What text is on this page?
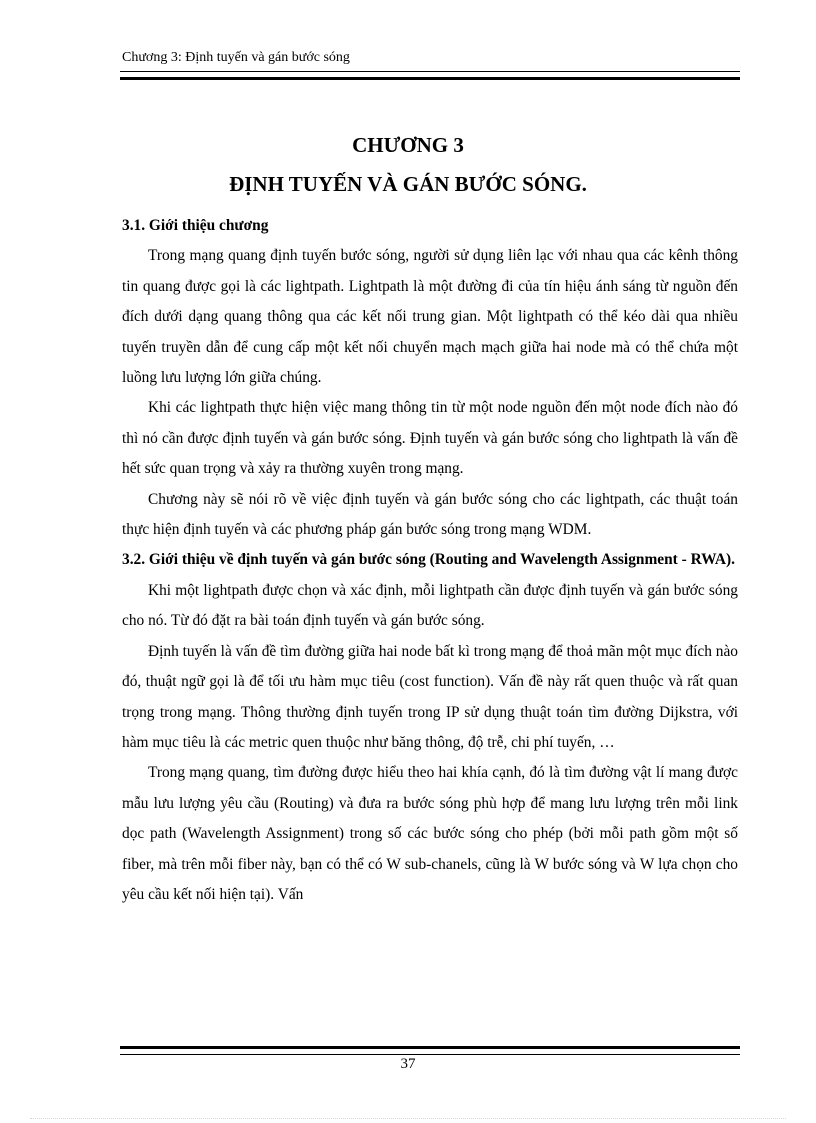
Chương 3: Định tuyến và gán bước sóng
CHƯƠNG 3
ĐỊNH TUYẾN VÀ GÁN BƯỚC SÓNG.

3.1. Giới thiệu chương

Trong mạng quang định tuyến bước sóng, người sử dụng liên lạc với nhau qua các kênh thông tin quang được gọi là các lightpath. Lightpath là một đường đi của tín hiệu ánh sáng từ nguồn đến đích dưới dạng quang thông qua các kết nối trung gian. Một lightpath có thể kéo dài qua nhiều tuyến truyền dẫn để cung cấp một kết nối chuyển mạch mạch giữa hai node mà có thể chứa một luồng lưu lượng lớn giữa chúng.

Khi các lightpath thực hiện việc mang thông tin từ một node nguồn đến một node đích nào đó thì nó cần được định tuyến và gán bước sóng. Định tuyến và gán bước sóng cho lightpath là vấn đề hết sức quan trọng và xảy ra thường xuyên trong mạng.

Chương này sẽ nói rõ về việc định tuyến và gán bước sóng cho các lightpath, các thuật toán thực hiện định tuyến và các phương pháp gán bước sóng trong mạng WDM.

3.2. Giới thiệu về định tuyến và gán bước sóng (Routing and Wavelength Assignment - RWA).

Khi một lightpath được chọn và xác định, mỗi lightpath cần được định tuyến và gán bước sóng cho nó. Từ đó đặt ra bài toán định tuyến và gán bước sóng.

Định tuyến là vấn đề tìm đường giữa hai node bất kì trong mạng để thoả mãn một mục đích nào đó, thuật ngữ gọi là để tối ưu hàm mục tiêu (cost function). Vấn đề này rất quen thuộc và rất quan trọng trong mạng. Thông thường định tuyến trong IP sử dụng thuật toán tìm đường Dijkstra, với hàm mục tiêu là các metric quen thuộc như băng thông, độ trễ, chi phí tuyến, …

Trong mạng quang, tìm đường được hiểu theo hai khía cạnh, đó là tìm đường vật lí mang được mẫu lưu lượng yêu cầu (Routing) và đưa ra bước sóng phù hợp để mang lưu lượng trên mỗi link dọc path (Wavelength Assignment) trong số các bước sóng cho phép (bởi mỗi path gồm một số fiber, mà trên mỗi fiber này, bạn có thể có W sub-chanels, cũng là W bước sóng và W lựa chọn cho yêu cầu kết nối hiện tại). Vấn

37
